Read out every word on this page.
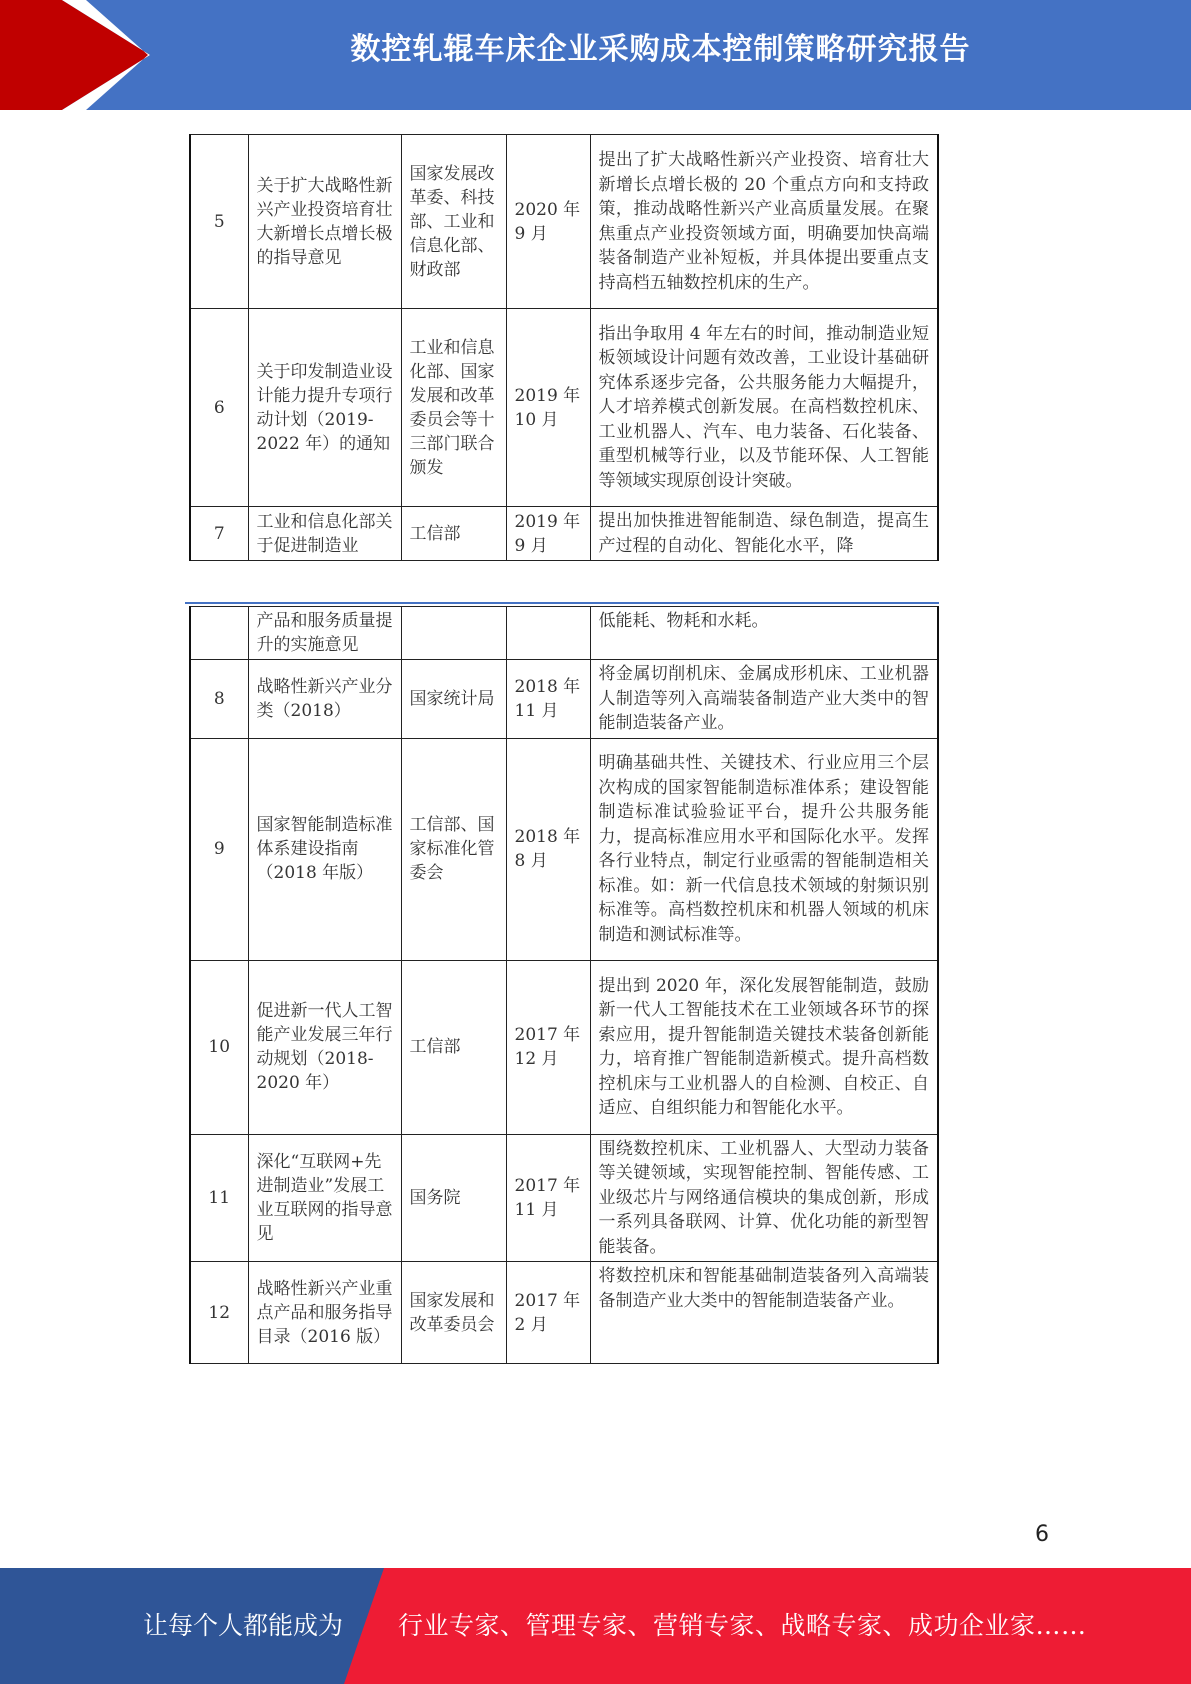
数控轧辊车床企业采购成本控制策略研究报告
5	关于扩大战略性新兴产业投资培育壮大新增长点增长极的指导意见	国家发展改革委、科技部、工业和信息化部、财政部	2020 年 9 月	提出了扩大战略性新兴产业投资、培育壮大新增长点增长极的 20 个重点方向和支持政策，推动战略性新兴产业高质量发展。在聚焦重点产业投资领域方面，明确要加快高端装备制造产业补短板，并具体提出要重点支持高档五轴数控机床的生产。
6	关于印发制造业设计能力提升专项行动计划（2019-2022 年）的通知	工业和信息化部、国家发展和改革委员会等十三部门联合颁发	2019 年 10 月	指出争取用 4 年左右的时间，推动制造业短板领域设计问题有效改善，工业设计基础研究体系逐步完备，公共服务能力大幅提升，人才培养模式创新发展。在高档数控机床、工业机器人、汽车、电力装备、石化装备、重型机械等行业，以及节能环保、人工智能等领域实现原创设计突破。
7	工业和信息化部关于促进制造业	工信部	2019 年 9 月	提出加快推进智能制造、绿色制造，提高生产过程的自动化、智能化水平，降
	产品和服务质量提升的实施意见			低能耗、物耗和水耗。
8	战略性新兴产业分类（2018）	国家统计局	2018 年 11 月	将金属切削机床、金属成形机床、工业机器人制造等列入高端装备制造产业大类中的智能制造装备产业。
9	国家智能制造标准体系建设指南（2018 年版）	工信部、国家标准化管委会	2018 年 8 月	明确基础共性、关键技术、行业应用三个层次构成的国家智能制造标准体系；建设智能制造标准试验验证平台，提升公共服务能力，提高标准应用水平和国际化水平。发挥各行业特点，制定行业亟需的智能制造相关标准。如：新一代信息技术领域的射频识别标准等。高档数控机床和机器人领域的机床制造和测试标准等。
10	促进新一代人工智能产业发展三年行动规划（2018-2020 年）	工信部	2017 年 12 月	提出到 2020 年，深化发展智能制造，鼓励新一代人工智能技术在工业领域各环节的探索应用，提升智能制造关键技术装备创新能力，培育推广智能制造新模式。提升高档数控机床与工业机器人的自检测、自校正、自适应、自组织能力和智能化水平。
11	深化“互联网+先进制造业”发展工业互联网的指导意见	国务院	2017 年 11 月	围绕数控机床、工业机器人、大型动力装备等关键领域，实现智能控制、智能传感、工业级芯片与网络通信模块的集成创新，形成一系列具备联网、计算、优化功能的新型智能装备。
12	战略性新兴产业重点产品和服务指导目录（2016 版）	国家发展和改革委员会	2017 年 2 月	将数控机床和智能基础制造装备列入高端装备制造产业大类中的智能制造装备产业。
6
让每个人都能成为 行业专家、管理专家、营销专家、战略专家、成功企业家……
